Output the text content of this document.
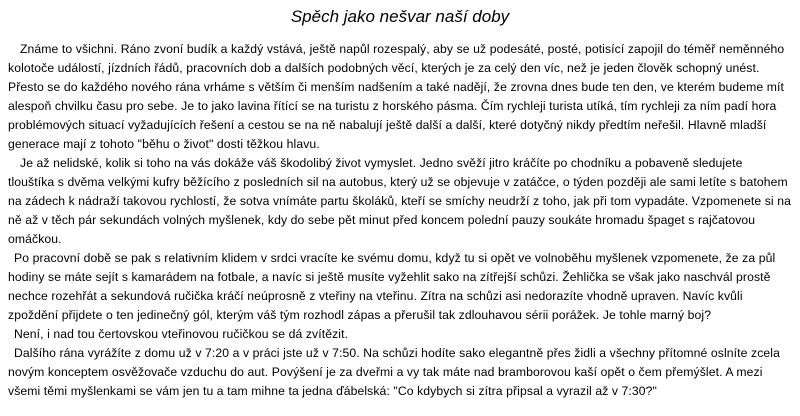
Spěch jako nešvar naší doby

Známe to všichni. Ráno zvoní budík a každý vstává, ještě napůl rozespalý, aby se už podesáté, posté, potisící zapojil do téměř neměnného kolotoče událostí, jízdních řádů, pracovních dob a dalších podobných věcí, kterých je za celý den víc, než je jeden člověk schopný unést. Přesto se do každého nového rána vrháme s větším či menším nadšením a také nadějí, že zrovna dnes bude ten den, ve kterém budeme mít alespoň chvilku času pro sebe. Je to jako lavina řítící se na turistu z horského pásma. Čím rychleji turista utíká, tím rychleji za ním padí hora problémových situací vyžadujících řešení a cestou se na ně nabalují ještě další a další, které dotyčný nikdy předtím neřešil. Hlavně mladší generace mají z tohoto "běhu o život" dosti těžkou hlavu.

Je až nelidské, kolik si toho na vás dokáže váš škodolibý život vymyslet. Jedno svěží jitro kráčíte po chodníku a pobaveně sledujete tlouštíka s dvěma velkými kufry běžícího z posledních sil na autobus, který už se objevuje v zatáčce, o týden později ale sami letíte s batohem na zádech k nádraží takovou rychlostí, že sotva vnímáte partu školáků, kteří se smíchy neudrží z toho, jak při tom vypadáte. Vzpomenete si na ně až v těch pár sekundách volných myšlenek, kdy do sebe pět minut před koncem polední pauzy soukáte hromadu špaget s rajčatovou omáčkou.

Po pracovní době se pak s relativním klidem v srdci vracíte ke svému domu, když tu si opět ve volnoběhu myšlenek vzpomenete, že za půl hodiny se máte sejít s kamarádem na fotbale, a navíc si ještě musíte vyžehlit sako na zítřejší schůzi. Žehlička se však jako naschvál prostě nechce rozehřát a sekundová ručička kráčí neúprosně z vteřiny na vteřinu. Zítra na schůzi asi nedorazíte vhodně upraven. Navíc kvůli zpoždění přijdete o ten jedinečný gól, kterým váš tým rozhodl zápas a přerušil tak zdlouhavou sérii porážek. Je tohle marný boj?

Není, i nad tou čertovskou vteřinovou ručičkou se dá zvítězit.

Dalšího rána vyrážíte z domu už v 7:20 a v práci jste už v 7:50. Na schůzi hodíte sako elegantně přes židli a všechny přítomné oslníte zcela novým konceptem osvěžovače vzduchu do aut. Povýšení je za dveřmi a vy tak máte nad bramborovou kaší opět o čem přemýšlet. A mezi všemi těmi myšlenkami se vám jen tu a tam mihne ta jedna ďábelská: "Co kdybych si zítra připsal a vyrazil až v 7:30?"
